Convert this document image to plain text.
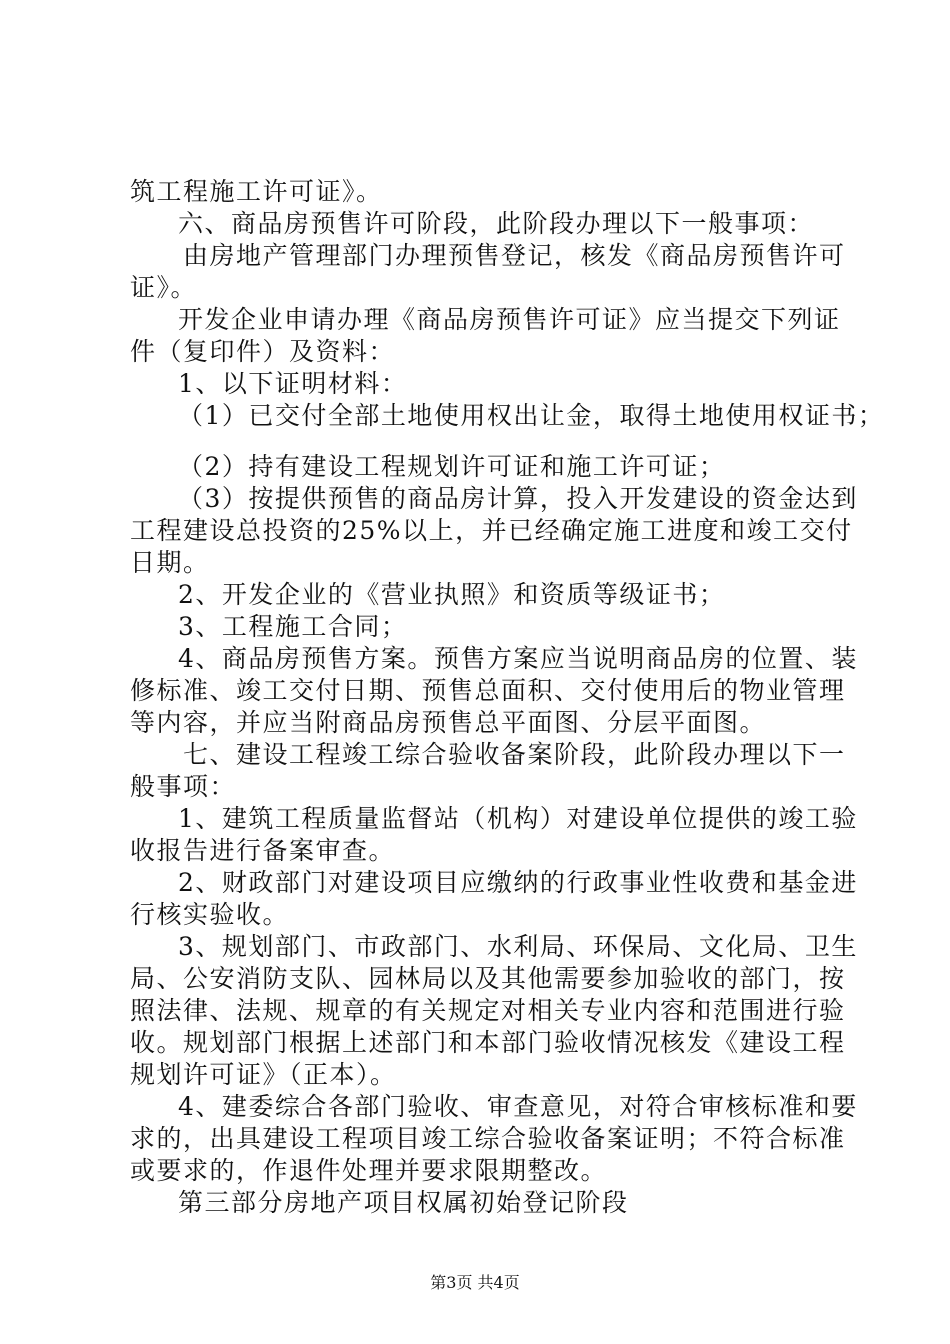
筑工程施工许可证》。
六、商品房预售许可阶段，此阶段办理以下一般事项：
由房地产管理部门办理预售登记，核发《商品房预售许可
证》。
开发企业申请办理《商品房预售许可证》应当提交下列证
件（复印件）及资料：
1、以下证明材料：
（1）已交付全部土地使用权出让金，取得土地使用权证书；
（2）持有建设工程规划许可证和施工许可证；
（3）按提供预售的商品房计算，投入开发建设的资金达到
工程建设总投资的25%以上，并已经确定施工进度和竣工交付
日期。
2、开发企业的《营业执照》和资质等级证书；
3、工程施工合同；
4、商品房预售方案。预售方案应当说明商品房的位置、装
修标准、竣工交付日期、预售总面积、交付使用后的物业管理
等内容，并应当附商品房预售总平面图、分层平面图。
七、建设工程竣工综合验收备案阶段，此阶段办理以下一
般事项：
1、建筑工程质量监督站（机构）对建设单位提供的竣工验
收报告进行备案审查。
2、财政部门对建设项目应缴纳的行政事业性收费和基金进
行核实验收。
3、规划部门、市政部门、水利局、环保局、文化局、卫生
局、公安消防支队、园林局以及其他需要参加验收的部门，按
照法律、法规、规章的有关规定对相关专业内容和范围进行验
收。规划部门根据上述部门和本部门验收情况核发《建设工程
规划许可证》（正本）。
4、建委综合各部门验收、审查意见，对符合审核标准和要
求的，出具建设工程项目竣工综合验收备案证明；不符合标准
或要求的，作退件处理并要求限期整改。
第三部分房地产项目权属初始登记阶段
第3页 共4页
